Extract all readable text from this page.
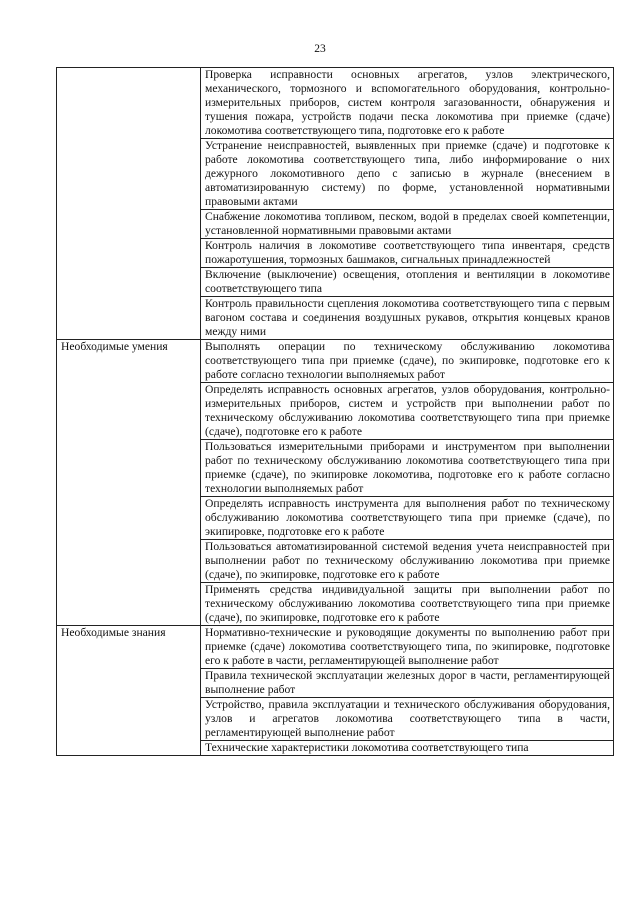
23
	Проверка исправности основных агрегатов, узлов электрического, механического, тормозного и вспомогательного оборудования, контрольно-измерительных приборов, систем контроля загазованности, обнаружения и тушения пожара, устройств подачи песка локомотива при приемке (сдаче) локомотива соответствующего типа, подготовке его к работе
	Устранение неисправностей, выявленных при приемке (сдаче) и подготовке к работе локомотива соответствующего типа, либо информирование о них дежурного локомотивного депо с записью в журнале (внесением в автоматизированную систему) по форме, установленной нормативными правовыми актами
	Снабжение локомотива топливом, песком, водой в пределах своей компетенции, установленной нормативными правовыми актами
	Контроль наличия в локомотиве соответствующего типа инвентаря, средств пожаротушения, тормозных башмаков, сигнальных принадлежностей
	Включение (выключение) освещения, отопления и вентиляции в локомотиве соответствующего типа
	Контроль правильности сцепления локомотива соответствующего типа с первым вагоном состава и соединения воздушных рукавов, открытия концевых кранов между ними

Необходимые умения	Выполнять операции по техническому обслуживанию локомотива соответствующего типа при приемке (сдаче), по экипировке, подготовке его к работе согласно технологии выполняемых работ
	Определять исправность основных агрегатов, узлов оборудования, контрольно-измерительных приборов, систем и устройств при выполнении работ по техническому обслуживанию локомотива соответствующего типа при приемке (сдаче), подготовке его к работе
	Пользоваться измерительными приборами и инструментом при выполнении работ по техническому обслуживанию локомотива соответствующего типа при приемке (сдаче), по экипировке локомотива, подготовке его к работе согласно технологии выполняемых работ
	Определять исправность инструмента для выполнения работ по техническому обслуживанию локомотива соответствующего типа при приемке (сдаче), по экипировке, подготовке его к работе
	Пользоваться автоматизированной системой ведения учета неисправностей при выполнении работ по техническому обслуживанию локомотива при приемке (сдаче), по экипировке, подготовке его к работе
	Применять средства индивидуальной защиты при выполнении работ по техническому обслуживанию локомотива соответствующего типа при приемке (сдаче), по экипировке, подготовке его к работе

Необходимые знания	Нормативно-технические и руководящие документы по выполнению работ при приемке (сдаче) локомотива соответствующего типа, по экипировке, подготовке его к работе в части, регламентирующей выполнение работ
	Правила технической эксплуатации железных дорог в части, регламентирующей выполнение работ
	Устройство, правила эксплуатации и технического обслуживания оборудования, узлов и агрегатов локомотива соответствующего типа в части, регламентирующей выполнение работ
	Технические характеристики локомотива соответствующего типа
